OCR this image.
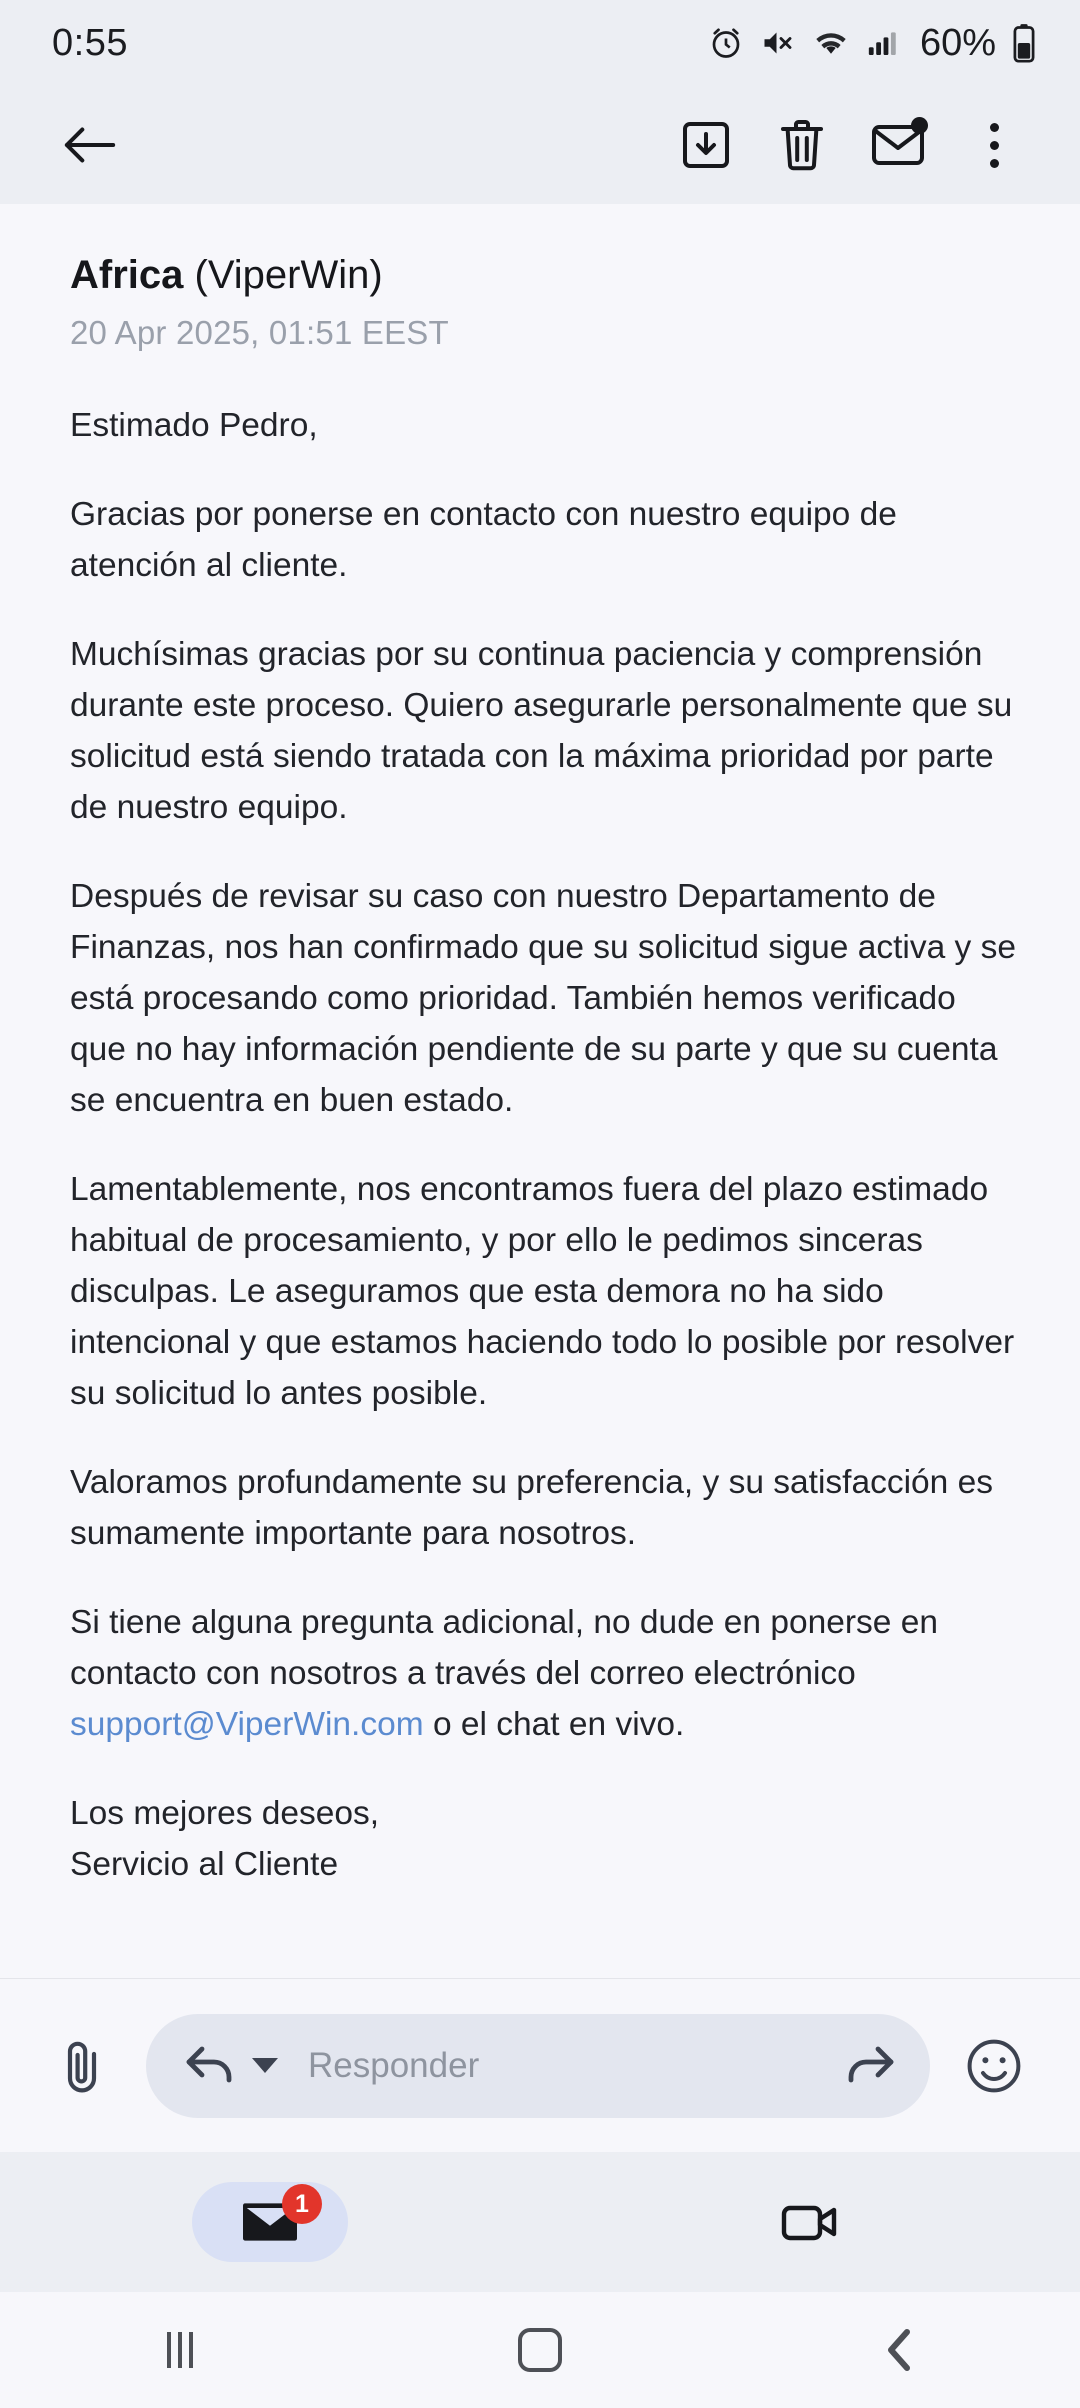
0:55	60%
Africa (ViperWin)
20 Apr 2025, 01:51 EEST
Estimado Pedro,
Gracias por ponerse en contacto con nuestro equipo de atención al cliente.
Muchísimas gracias por su continua paciencia y comprensión durante este proceso. Quiero asegurarle personalmente que su solicitud está siendo tratada con la máxima prioridad por parte de nuestro equipo.
Después de revisar su caso con nuestro Departamento de Finanzas, nos han confirmado que su solicitud sigue activa y se está procesando como prioridad. También hemos verificado que no hay información pendiente de su parte y que su cuenta se encuentra en buen estado.
Lamentablemente, nos encontramos fuera del plazo estimado habitual de procesamiento, y por ello le pedimos sinceras disculpas. Le aseguramos que esta demora no ha sido intencional y que estamos haciendo todo lo posible por resolver su solicitud lo antes posible.
Valoramos profundamente su preferencia, y su satisfacción es sumamente importante para nosotros.
Si tiene alguna pregunta adicional, no dude en ponerse en contacto con nosotros a través del correo electrónico support@ViperWin.com o el chat en vivo.
Los mejores deseos,
Servicio al Cliente
Responder
1
